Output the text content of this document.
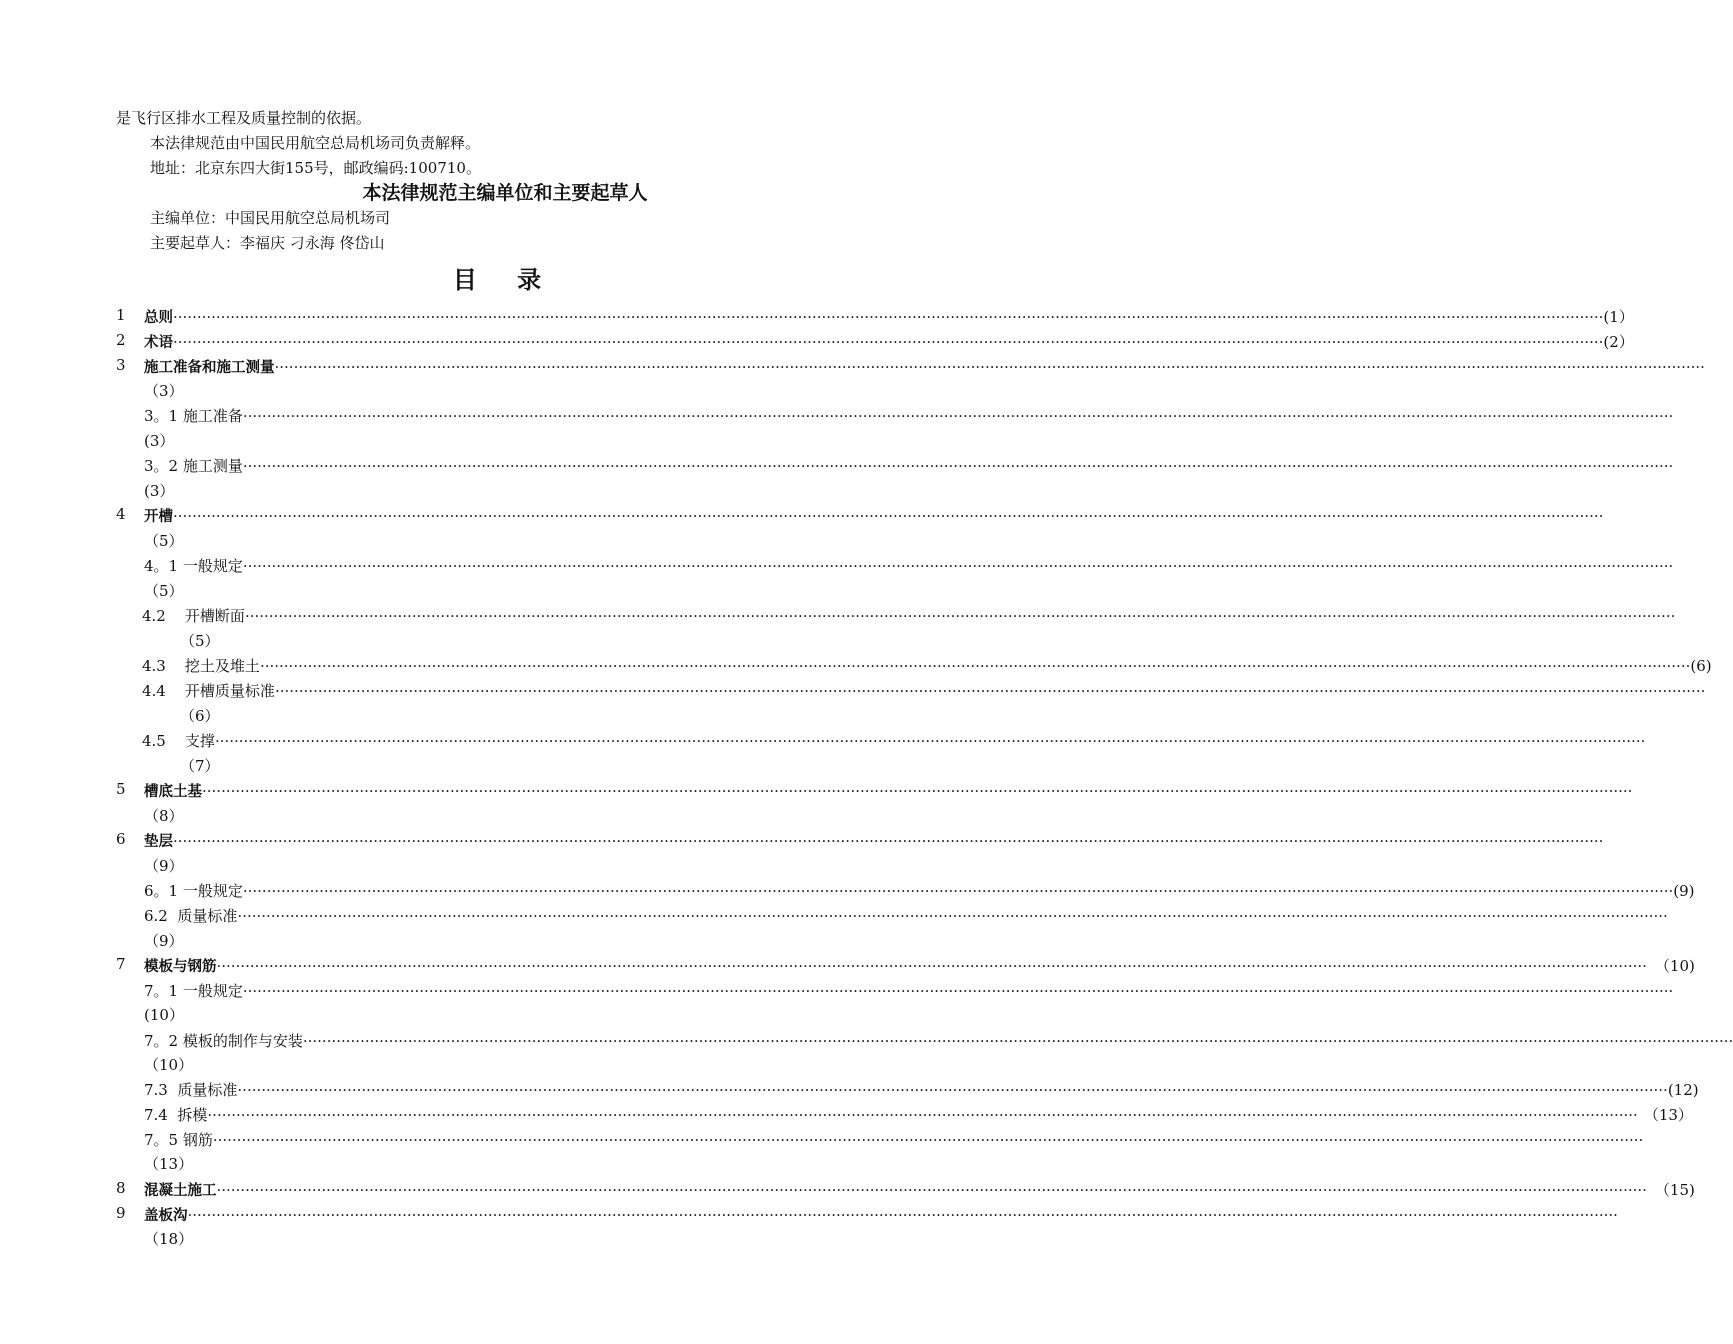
是飞行区排水工程及质量控制的依据。
本法律规范由中国民用航空总局机场司负责解释。
地址：北京东四大街155号，邮政编码:100710。
本法律规范主编单位和主要起草人
主编单位：中国民用航空总局机场司
主要起草人：李福庆 刁永海 佟岱山
目 录
1 总则 ············································································································································································································································································································ (1）
2 术语 ············································································································································································································································································································ (2）
3 施工准备和施工测量 ············································································································································································································································································································
（3）
3。1 施工准备 ············································································································································································································································································································
(3）
3。2 施工测量 ············································································································································································································································································································
(3）
4 开槽 ············································································································································································································································································································
（5）
4。1 一般规定 ············································································································································································································································································································
（5）
4.2    开槽断面 ············································································································································································································································································································
（5）
4.3    挖土及堆土 ············································································································································································································································································································ (6)
4.4    开槽质量标准 ············································································································································································································································································································
（6）
4.5    支撑 ············································································································································································································································································································
（7）
5 槽底土基 ············································································································································································································································································································
（8）
6 垫层 ············································································································································································································································································································
（9）
6。1 一般规定 ············································································································································································································································································································ (9)
6.2  质量标准 ············································································································································································································································································································
（9）
7 模板与钢筋 ············································································································································································································································································································ （10)
7。1 一般规定 ············································································································································································································································································································
(10）
7。2 模板的制作与安装 ············································································································································································································································································································
（10）
7.3  质量标准 ············································································································································································································································································································ (12)
7.4  拆模 ············································································································································································································································································································ （13）
7。5 钢筋 ············································································································································································································································································································
（13）
8 混凝土施工 ············································································································································································································································································································ （15)
9 盖板沟 ············································································································································································································································································································
（18）
